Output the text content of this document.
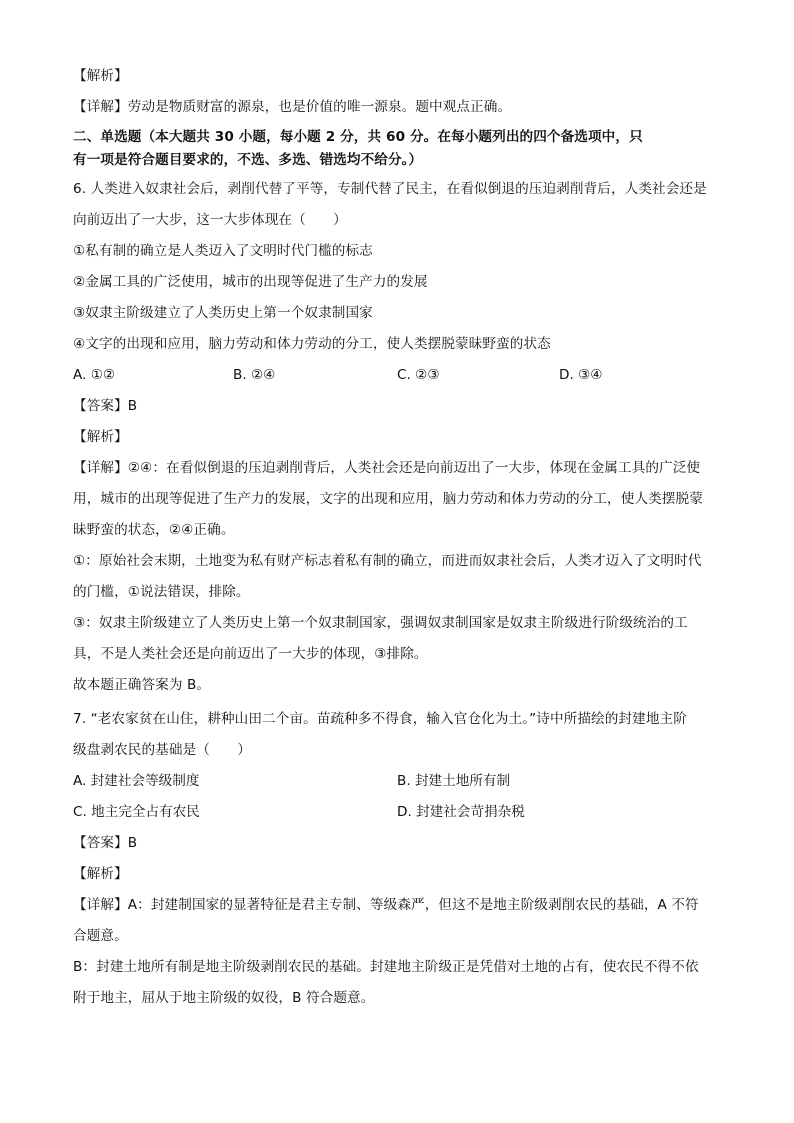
【解析】
【详解】劳动是物质财富的源泉，也是价值的唯一源泉。题中观点正确。
二、单选题（本大题共 30 小题，每小题 2 分，共 60 分。在每小题列出的四个备选项中，只
有一项是符合题目要求的，不选、多选、错选均不给分。）
6. 人类进入奴隶社会后，剥削代替了平等，专制代替了民主，在看似倒退的压迫剥削背后，人类社会还是
向前迈出了一大步，这一大步体现在（　　）
①私有制的确立是人类迈入了文明时代门槛的标志
②金属工具的广泛使用，城市的出现等促进了生产力的发展
③奴隶主阶级建立了人类历史上第一个奴隶制国家
④文字的出现和应用，脑力劳动和体力劳动的分工，使人类摆脱蒙昧野蛮的状态
A. ①②	B. ②④	C. ②③	D. ③④
【答案】B
【解析】
【详解】②④：在看似倒退的压迫剥削背后，人类社会还是向前迈出了一大步，体现在金属工具的广泛使
用，城市的出现等促进了生产力的发展，文字的出现和应用，脑力劳动和体力劳动的分工，使人类摆脱蒙
昧野蛮的状态，②④正确。
①：原始社会末期，土地变为私有财产标志着私有制的确立，而进而奴隶社会后，人类才迈入了文明时代
的门槛，①说法错误，排除。
③：奴隶主阶级建立了人类历史上第一个奴隶制国家，强调奴隶制国家是奴隶主阶级进行阶级统治的工
具，不是人类社会还是向前迈出了一大步的体现，③排除。
故本题正确答案为 B。
7. “老农家贫在山住，耕种山田二个亩。苗疏种多不得食，输入官仓化为土。”诗中所描绘的封建地主阶
级盘剥农民的基础是（　　）
A. 封建社会等级制度	B. 封建土地所有制
C. 地主完全占有农民	D. 封建社会苛捐杂税
【答案】B
【解析】
【详解】A：封建制国家的显著特征是君主专制、等级森严，但这不是地主阶级剥削农民的基础，A 不符
合题意。
B：封建土地所有制是地主阶级剥削农民的基础。封建地主阶级正是凭借对土地的占有，使农民不得不依
附于地主，屈从于地主阶级的奴役，B 符合题意。
